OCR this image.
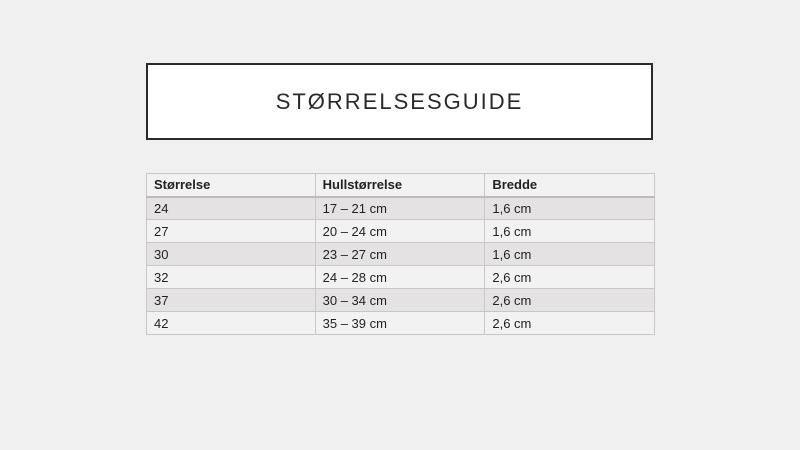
STØRRELSESGUIDE
Størrelse	Hullstørrelse	Bredde
24	17 – 21 cm	1,6 cm
27	20 – 24 cm	1,6 cm
30	23 – 27 cm	1,6 cm
32	24 – 28 cm	2,6 cm
37	30 – 34 cm	2,6 cm
42	35 – 39 cm	2,6 cm
